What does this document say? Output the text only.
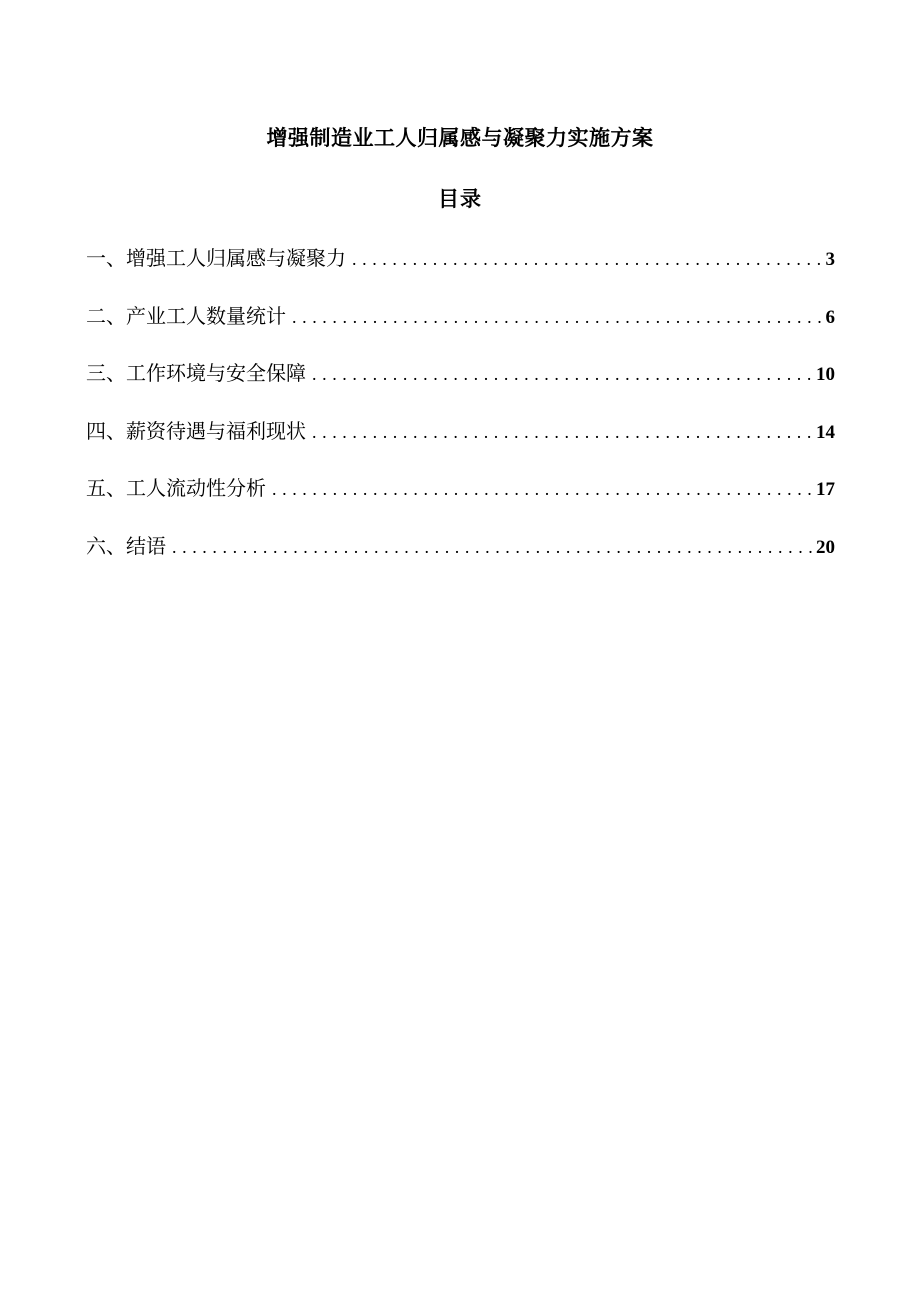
增强制造业工人归属感与凝聚力实施方案
目录
一、增强工人归属感与凝聚力 .....	3
二、产业工人数量统计 .....	6
三、工作环境与安全保障 .....	10
四、薪资待遇与福利现状 .....	14
五、工人流动性分析 .....	17
六、结语 .....	20
